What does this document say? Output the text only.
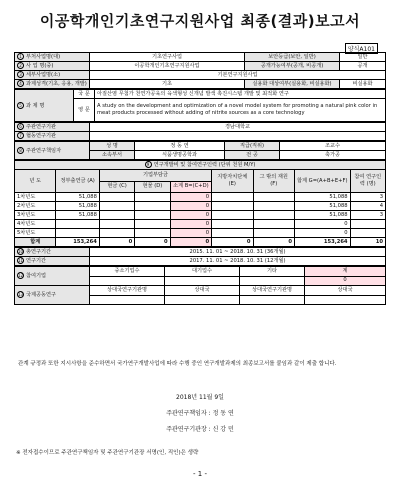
이공학개인기초연구지원사업 최종(결과)보고서
양식A101
1 부처사업명(대)	기초연구사업	보안등급(보안, 일반)	일반
2 사 업 명(중)	이공학개인기초연구지원사업	공개가능여부(공개, 비공개)	공개
3 세부사업명(소)	기본연구지원사업		
4 과제성격(기초, 응용, 개발)	기초	실용화 대상여부(실용화, 비실용화)	비실용화
5 과 제 명	국 문	아질산염 무첨가 천연가공육의 육색형성 신개념 발색 촉진시스템 개발 및 최적화 연구
	영 문	A study on the development and optimization of a novel model system for promoting a natural pink color in meat products processed without adding of nitrite sources as a core technology
6 주관연구기관	경남대학교
7 협동연구기관	
8 주관연구책임자	성 명	정 동 연	직급(직위)	조교수
	소속부서	식품생명공학과	전 공	축가공
9 연구개발비 및 참여연구인력 (단위 천원 M/Y)								
년 도	정부출연금 (A)	기업부담금			지방자치단체 (E)	그 밖의 재원 (F)	합계 G=(A+B+E+F)	참여 연구인력 (명)
		현금 (C)	현물 (D)	소계 B=(C+D)				
1차년도	51,088			0			51,088	3
2차년도	51,088			0			51,088	4
3차년도	51,088			0			51,088	3
4차년도				0			0	
5차년도				0			0	
합계	153,264	0	0	0	0	0	153,264	10
10 총연구기간	2015. 11. 01 ~ 2018. 10. 31 (36개월)
11 연구기간	2017. 11. 01 ~ 2018. 10. 31 (12개월)
12 참여기업	중소기업수	대기업수	기타	계
				0
13 국제공동연구	상대국연구기관명	상대국	상대국연구기관명	상대국

관계 규정과 또한 지시사항을 준수하면서 국가연구개발사업에 따라 수행 중인 연구개발과제의 최종보고서를 붙임과 같이 제출 합니다.
2018년 11월 9일
주관연구책임자 : 정 동 연
주관연구기관장 : 신 강 민
※ 전자접수이므로 주관연구책임자 및 주관연구기관장 서명(인, 직인)은 생략
- 1 -
